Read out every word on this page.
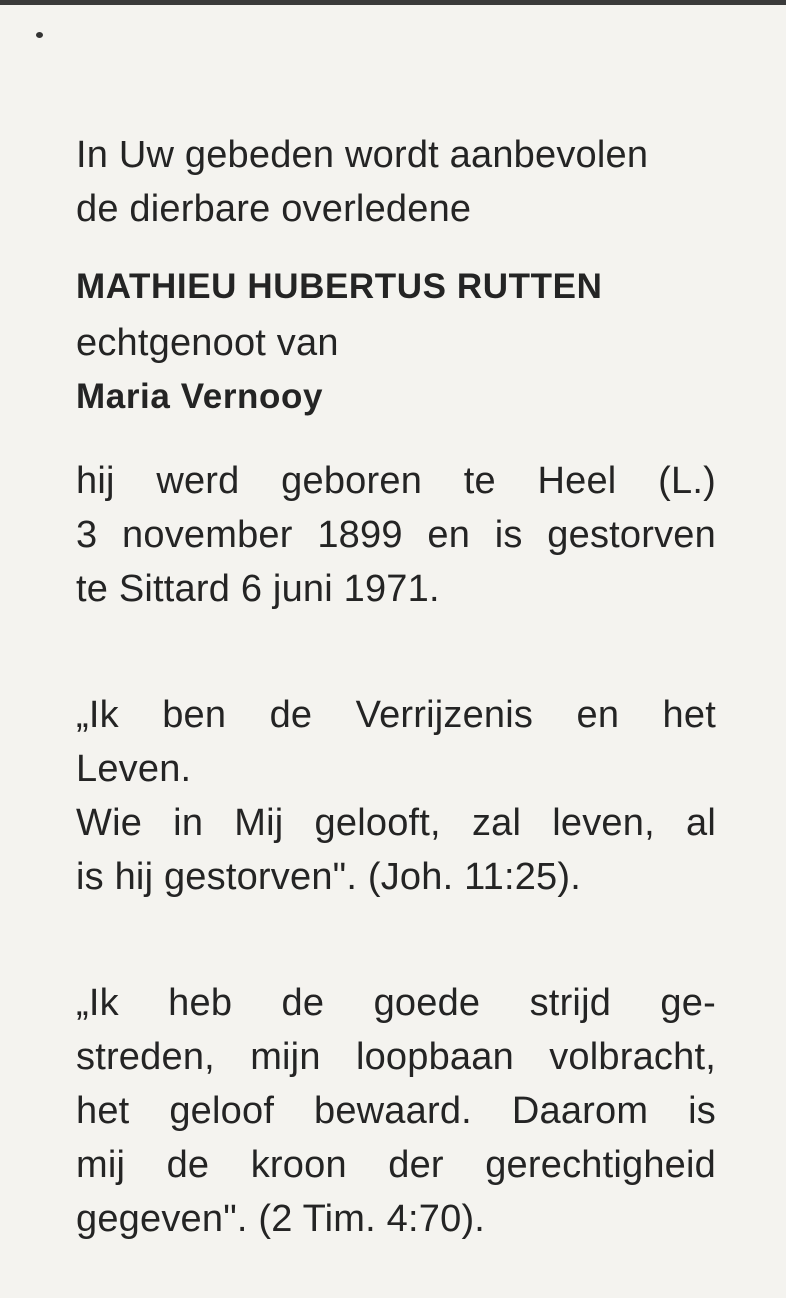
In Uw gebeden wordt aanbevolen
de dierbare overledene
MATHIEU HUBERTUS RUTTEN
echtgenoot van
Maria Vernooy
hij werd geboren te Heel (L.)
3 november 1899 en is gestorven
te Sittard 6 juni 1971.
„Ik ben de Verrijzenis en het
Leven.
Wie in Mij gelooft, zal leven, al
is hij gestorven". (Joh. 11:25).
„Ik heb de goede strijd ge-
streden, mijn loopbaan volbracht,
het geloof bewaard. Daarom is
mij de kroon der gerechtigheid
gegeven". (2 Tim. 4:70).
